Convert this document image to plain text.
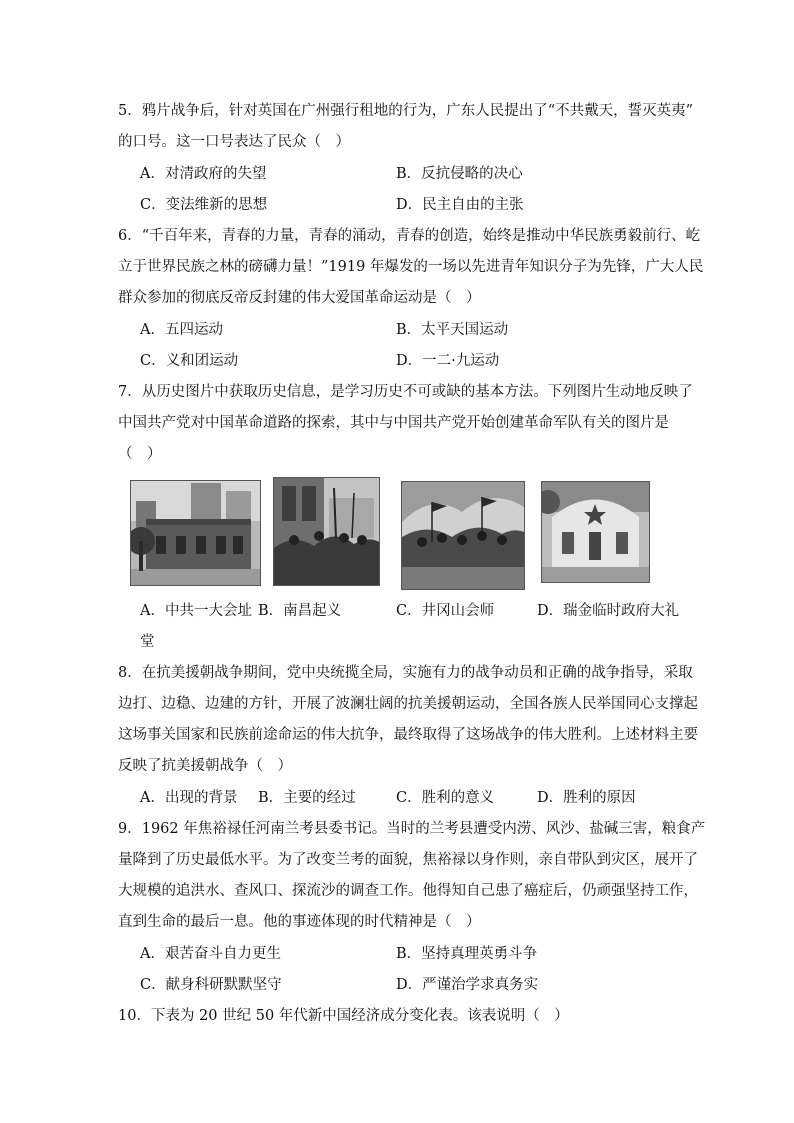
5．鸦片战争后，针对英国在广州强行租地的行为，广东人民提出了“不共戴天，誓灭英夷”
的口号。这一口号表达了民众（　）
A．对清政府的失望	B．反抗侵略的决心
C．变法维新的思想	D．民主自由的主张
6．“千百年来，青春的力量，青春的涌动，青春的创造，始终是推动中华民族勇毅前行、屹
立于世界民族之林的磅礴力量！”1919 年爆发的一场以先进青年知识分子为先锋，广大人民
群众参加的彻底反帝反封建的伟大爱国革命运动是（　）
A．五四运动	B．太平天国运动
C．义和团运动	D．一二·九运动
7．从历史图片中获取历史信息，是学习历史不可或缺的基本方法。下列图片生动地反映了
中国共产党对中国革命道路的探索，其中与中国共产党开始创建革命军队有关的图片是
（　）
A．中共一大会址 B．南昌起义	C．井冈山会师	D．瑞金临时政府大礼
堂
8．在抗美援朝战争期间，党中央统揽全局，实施有力的战争动员和正确的战争指导，采取
边打、边稳、边建的方针，开展了波澜壮阔的抗美援朝运动，全国各族人民举国同心支撑起
这场事关国家和民族前途命运的伟大抗争，最终取得了这场战争的伟大胜利。上述材料主要
反映了抗美援朝战争（　）
A．出现的背景 B．主要的经过	C．胜利的意义	D．胜利的原因
9．1962 年焦裕禄任河南兰考县委书记。当时的兰考县遭受内涝、风沙、盐碱三害，粮食产
量降到了历史最低水平。为了改变兰考的面貌，焦裕禄以身作则，亲自带队到灾区，展开了
大规模的追洪水、查风口、探流沙的调查工作。他得知自己患了癌症后，仍顽强坚持工作，
直到生命的最后一息。他的事迹体现的时代精神是（　）
A．艰苦奋斗自力更生	B．坚持真理英勇斗争
C．献身科研默默坚守	D．严谨治学求真务实
10．下表为 20 世纪 50 年代新中国经济成分变化表。该表说明（　）
